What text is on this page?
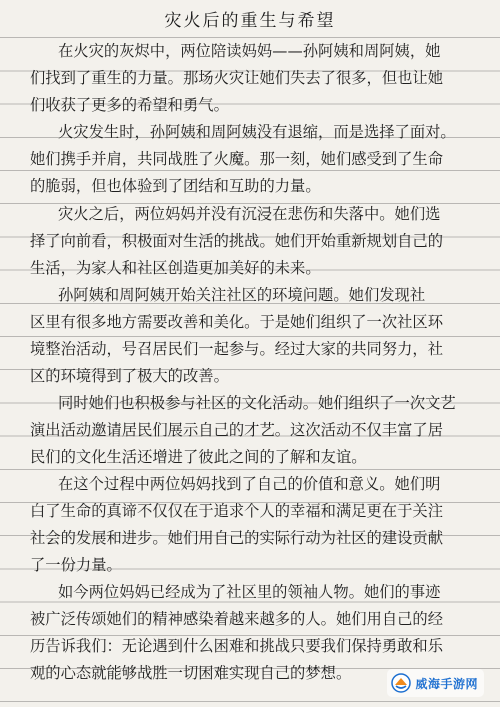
灾火后的重生与希望
在火灾的灰烬中，两位陪读妈妈——孙阿姨和周阿姨，她
们找到了重生的力量。那场火灾让她们失去了很多，但也让她
们收获了更多的希望和勇气。
火灾发生时，孙阿姨和周阿姨没有退缩，而是选择了面对。
她们携手并肩，共同战胜了火魔。那一刻，她们感受到了生命
的脆弱，但也体验到了团结和互助的力量。
灾火之后，两位妈妈并没有沉浸在悲伤和失落中。她们选
择了向前看，积极面对生活的挑战。她们开始重新规划自己的
生活，为家人和社区创造更加美好的未来。
孙阿姨和周阿姨开始关注社区的环境问题。她们发现社
区里有很多地方需要改善和美化。于是她们组织了一次社区环
境整治活动，号召居民们一起参与。经过大家的共同努力，社
区的环境得到了极大的改善。
同时她们也积极参与社区的文化活动。她们组织了一次文艺
演出活动邀请居民们展示自己的才艺。这次活动不仅丰富了居
民们的文化生活还增进了彼此之间的了解和友谊。
在这个过程中两位妈妈找到了自己的价值和意义。她们明
白了生命的真谛不仅仅在于追求个人的幸福和满足更在于关注
社会的发展和进步。她们用自己的实际行动为社区的建设贡献
了一份力量。
如今两位妈妈已经成为了社区里的领袖人物。她们的事迹
被广泛传颂她们的精神感染着越来越多的人。她们用自己的经
历告诉我们：无论遇到什么困难和挑战只要我们保持勇敢和乐
观的心态就能够战胜一切困难实现自己的梦想。
威海手游网
